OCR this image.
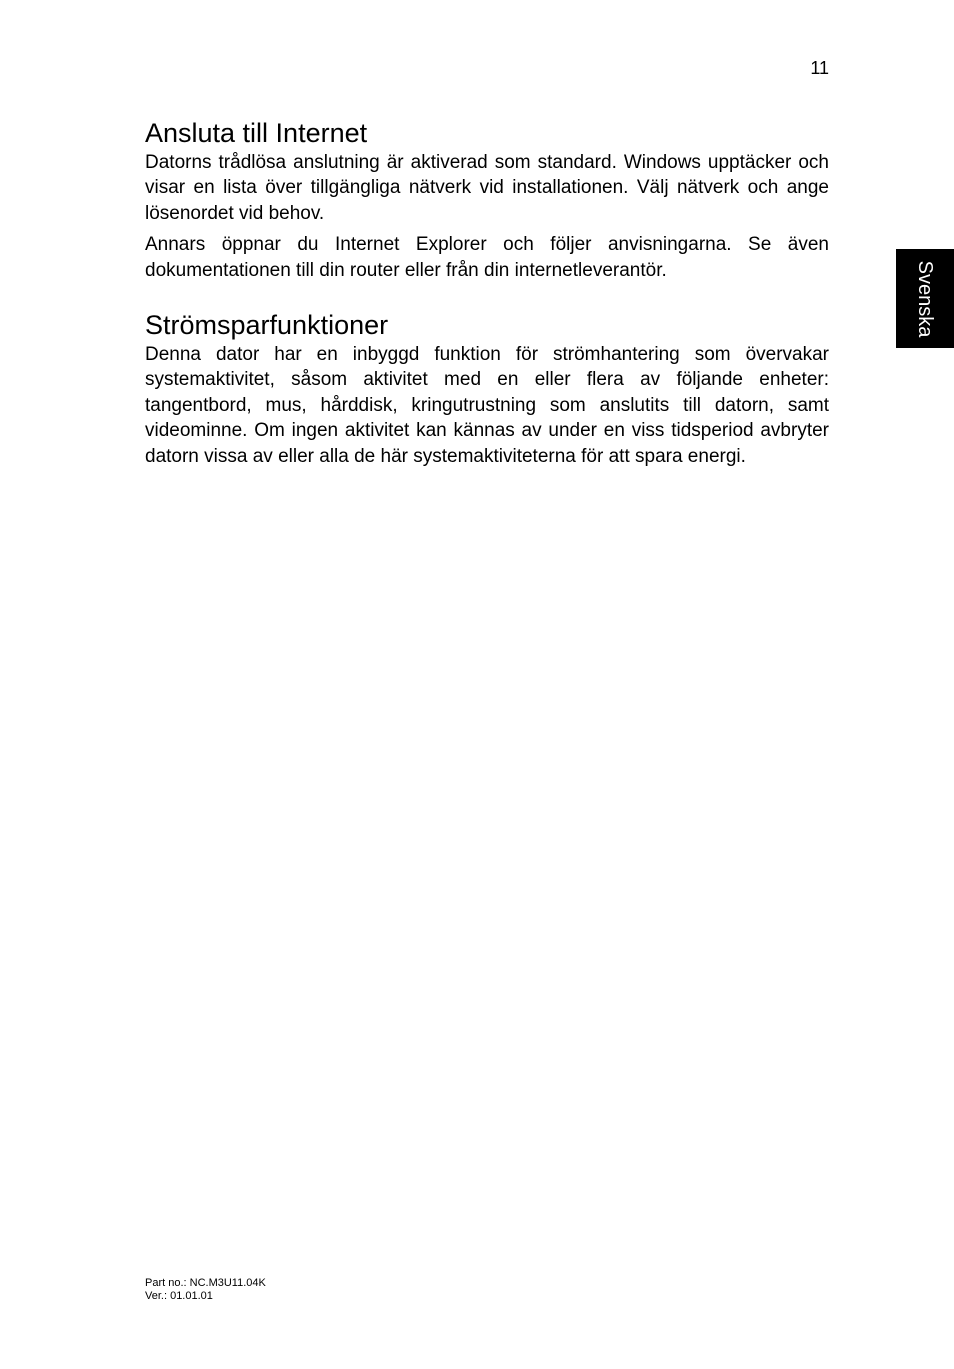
11
Svenska
Ansluta till Internet

Datorns trådlösa anslutning är aktiverad som standard. Windows upptäcker och visar en lista över tillgängliga nätverk vid installationen. Välj nätverk och ange lösenordet vid behov.

Annars öppnar du Internet Explorer och följer anvisningarna. Se även dokumentationen till din router eller från din internetleverantör.

Strömsparfunktioner

Denna dator har en inbyggd funktion för strömhantering som övervakar systemaktivitet, såsom aktivitet med en eller flera av följande enheter: tangentbord, mus, hårddisk, kringutrustning som anslutits till datorn, samt videominne. Om ingen aktivitet kan kännas av under en viss tidsperiod avbryter datorn vissa av eller alla de här systemaktiviteterna för att spara energi.

Part no.: NC.M3U11.04K
Ver.: 01.01.01
